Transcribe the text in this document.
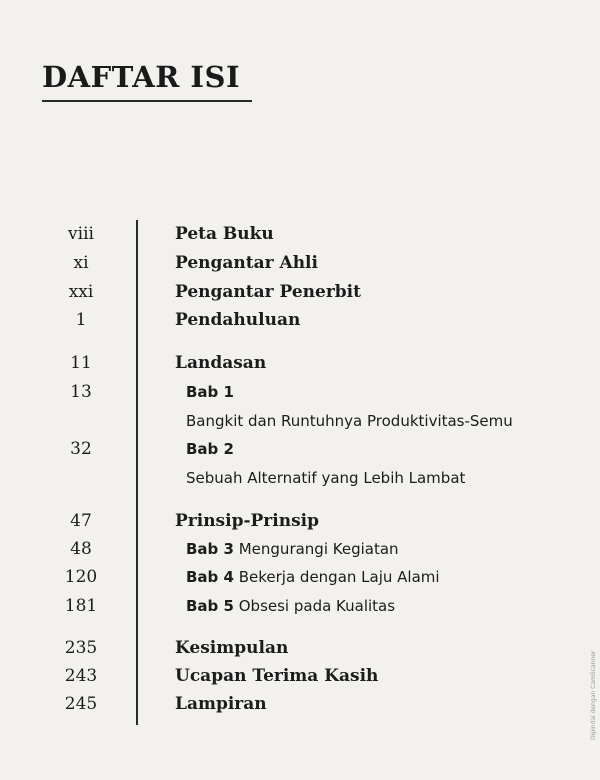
DAFTAR ISI
viii	Peta Buku
xi	Pengantar Ahli
xxi	Pengantar Penerbit
1	Pendahuluan
11	Landasan
13	Bab 1
Bangkit dan Runtuhnya Produktivitas-Semu
32	Bab 2
Sebuah Alternatif yang Lebih Lambat
47	Prinsip-Prinsip
48	Bab 3 Mengurangi Kegiatan
120	Bab 4 Bekerja dengan Laju Alami
181	Bab 5 Obsesi pada Kualitas
235	Kesimpulan
243	Ucapan Terima Kasih
245	Lampiran	Dipindai dengan CamScanner
